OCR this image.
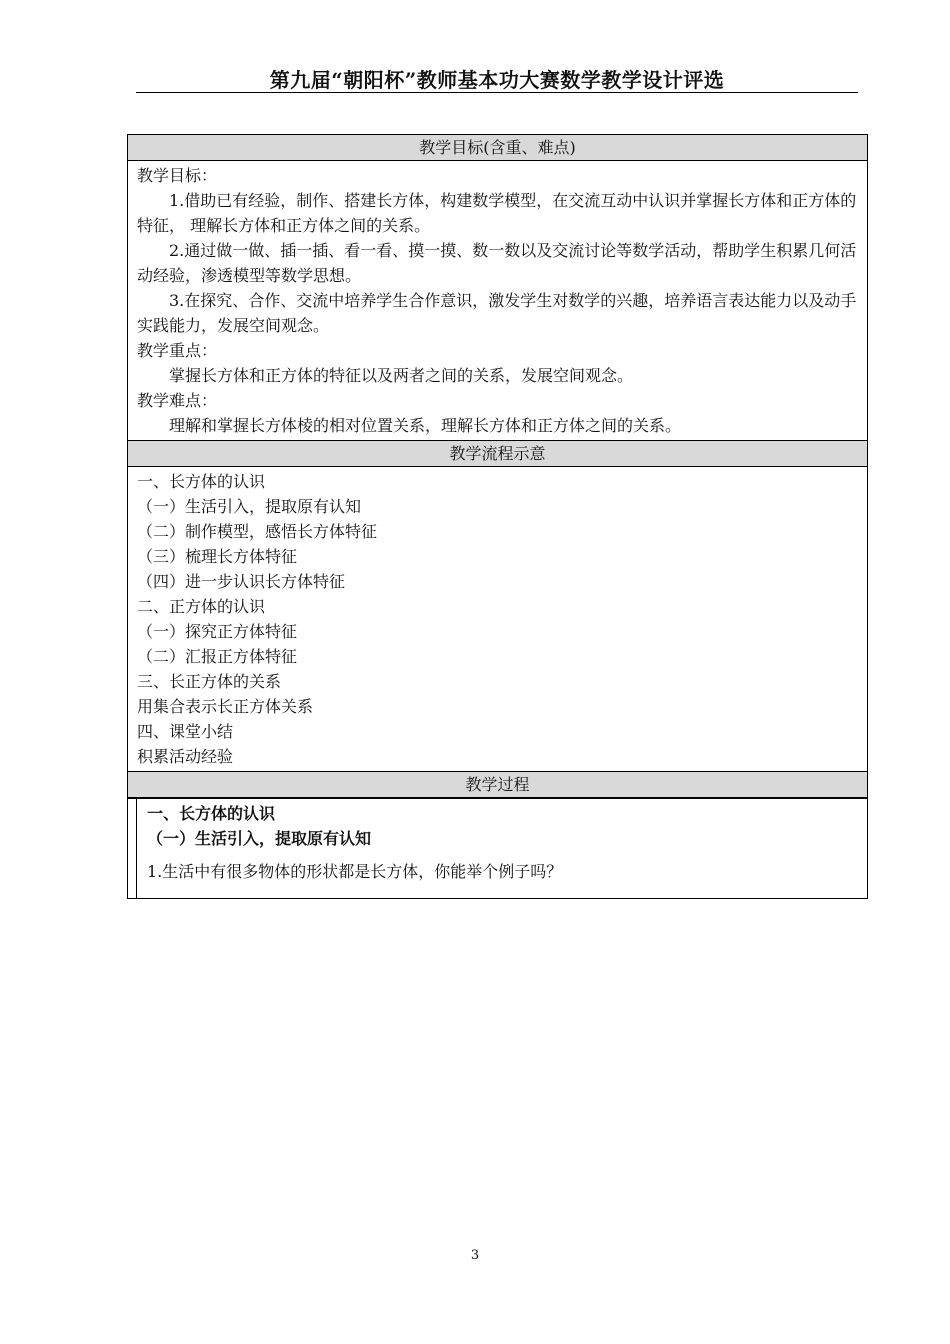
第九届“朝阳杯”教师基本功大赛数学教学设计评选
教学目标(含重、难点)
教学目标：
1.借助已有经验，制作、搭建长方体，构建数学模型，在交流互动中认识并掌握长方体和正方体的特征， 理解长方体和正方体之间的关系。
2.通过做一做、插一插、看一看、摸一摸、数一数以及交流讨论等数学活动，帮助学生积累几何活动经验，渗透模型等数学思想。
3.在探究、合作、交流中培养学生合作意识，激发学生对数学的兴趣，培养语言表达能力以及动手实践能力，发展空间观念。
教学重点：
掌握长方体和正方体的特征以及两者之间的关系，发展空间观念。
教学难点：
理解和掌握长方体棱的相对位置关系，理解长方体和正方体之间的关系。
教学流程示意
一、长方体的认识
（一）生活引入，提取原有认知
（二）制作模型，感悟长方体特征
（三）梳理长方体特征
（四）进一步认识长方体特征
二、正方体的认识
（一）探究正方体特征
（二）汇报正方体特征
三、长正方体的关系
用集合表示长正方体关系
四、课堂小结
积累活动经验
教学过程
一、长方体的认识
（一）生活引入，提取原有认知
1.生活中有很多物体的形状都是长方体，你能举个例子吗？
3
